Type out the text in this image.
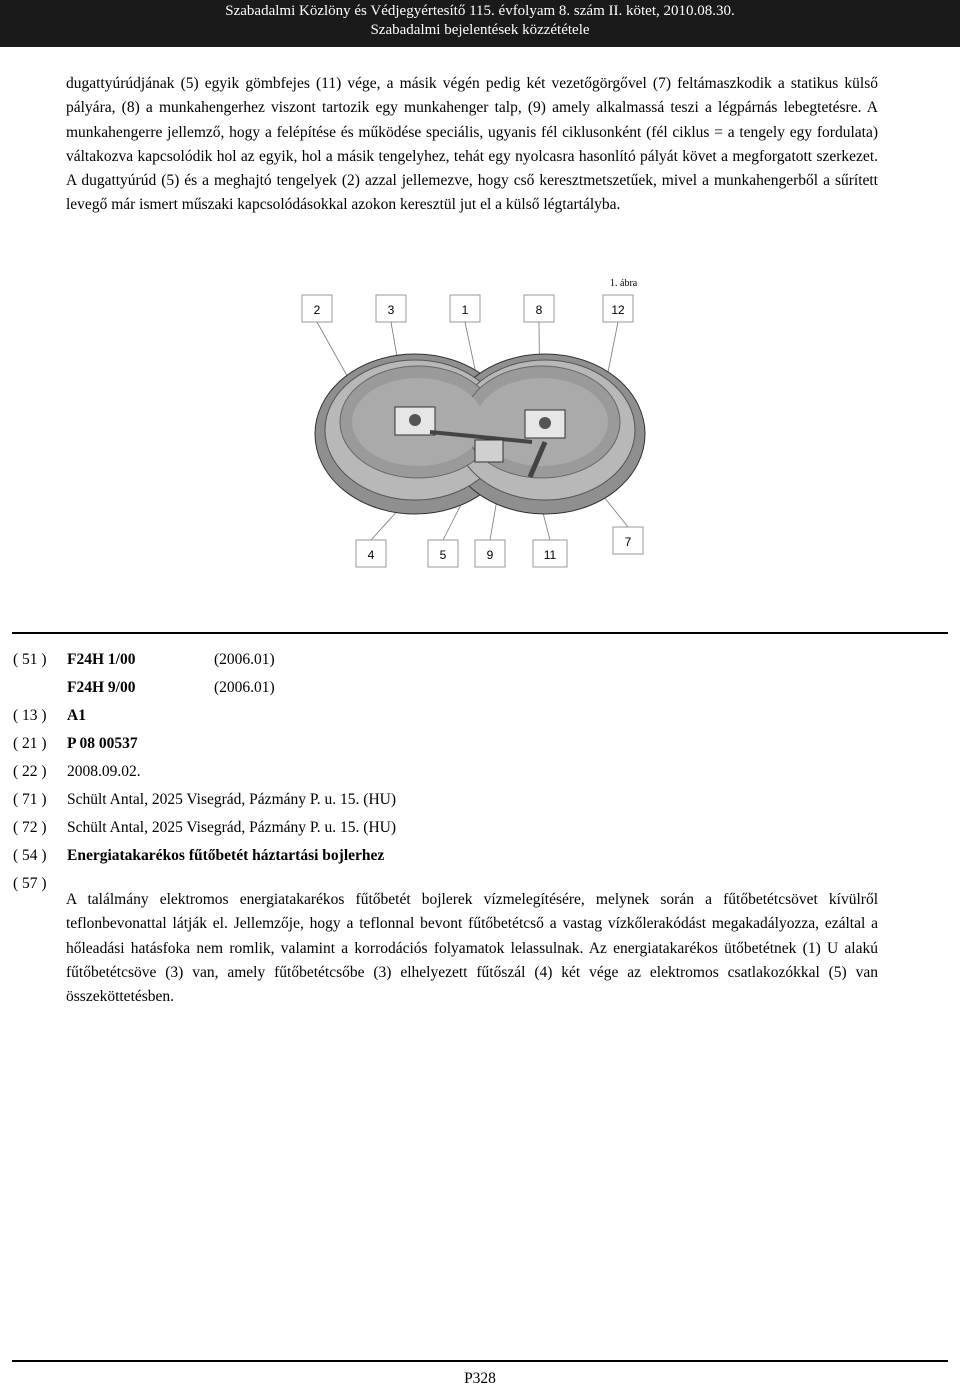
Szabadalmi Közlöny és Védjegyértesítő 115. évfolyam 8. szám II. kötet, 2010.08.30.
Szabadalmi bejelentések közzététele
dugattyúrúdjának (5) egyik gömbfejes (11) vége, a másik végén pedig két vezetőgörgővel (7) feltámaszkodik a statikus külső pályára, (8) a munkahengerhez viszont tartozik egy munkahenger talp, (9) amely alkalmassá teszi a légpárnás lebegtetésre. A munkahengerre jellemző, hogy a felépítése és működése speciális, ugyanis fél ciklusonként (fél ciklus = a tengely egy fordulata) váltakozva kapcsolódik hol az egyik, hol a másik tengelyhez, tehát egy nyolcasra hasonlító pályát követ a megforgatott szerkezet. A dugattyúrúd (5) és a meghajtó tengelyek (2) azzal jellemezve, hogy cső keresztmetszetűek, mivel a munkahengerből a sűrített levegő már ismert műszaki kapcsolódásokkal azokon keresztül jut el a külső légtartályba.
1. ábra
2	3	1	8	12
4	5	9	11
7
( 51 )	F24H 1/00	(2006.01)
F24H 9/00	(2006.01)
( 13 )	A1
( 21 )	P 08 00537
( 22 )	2008.09.02.
( 71 )	Schült Antal, 2025 Visegrád, Pázmány P. u. 15. (HU)
( 72 )	Schült Antal, 2025 Visegrád, Pázmány P. u. 15. (HU)
( 54 )	Energiatakarékos fűtőbetét háztartási bojlerhez
( 57 )
A találmány elektromos energiatakarékos fűtőbetét bojlerek vízmelegítésére, melynek során a fűtőbetétcsövet kívülről teflonbevonattal látják el. Jellemzője, hogy a teflonnal bevont fűtőbetétcső a vastag vízkőlerakódást megakadályozza, ezáltal a hőleadási hatásfoka nem romlik, valamint a korrodációs folyamatok lelassulnak. Az energiatakarékos ütőbetétnek (1) U alakú fűtőbetétcsöve (3) van, amely fűtőbetétcsőbe (3) elhelyezett fűtőszál (4) két vége az elektromos csatlakozókkal (5) van összeköttetésben.
P328
